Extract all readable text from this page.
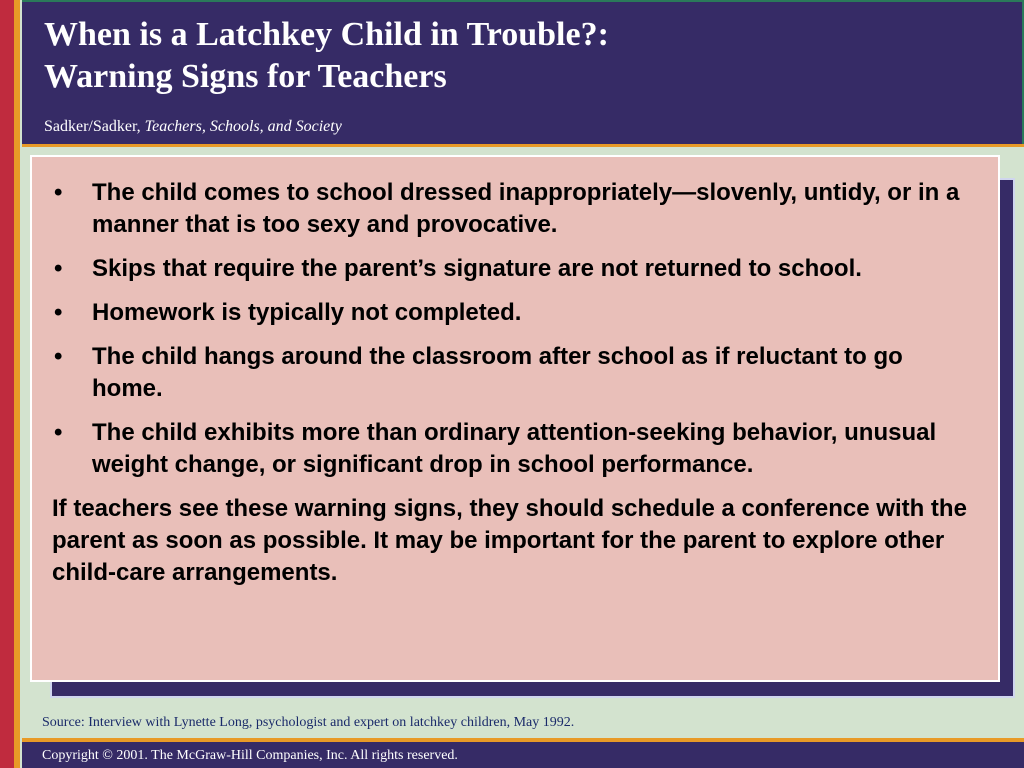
When is a Latchkey Child in Trouble?:
Warning Signs for Teachers
Sadker/Sadker, Teachers, Schools, and Society
• The child comes to school dressed inappropriately—slovenly, untidy, or in a manner that is too sexy and provocative.
• Skips that require the parent’s signature are not returned to school.
• Homework is typically not completed.
• The child hangs around the classroom after school as if reluctant to go home.
• The child exhibits more than ordinary attention-seeking behavior, unusual weight change, or significant drop in school performance.

If teachers see these warning signs, they should schedule a conference with the parent as soon as possible. It may be important for the parent to explore other child-care arrangements.

Source: Interview with Lynette Long, psychologist and expert on latchkey children, May 1992.
Copyright © 2001. The McGraw-Hill Companies, Inc. All rights reserved.
